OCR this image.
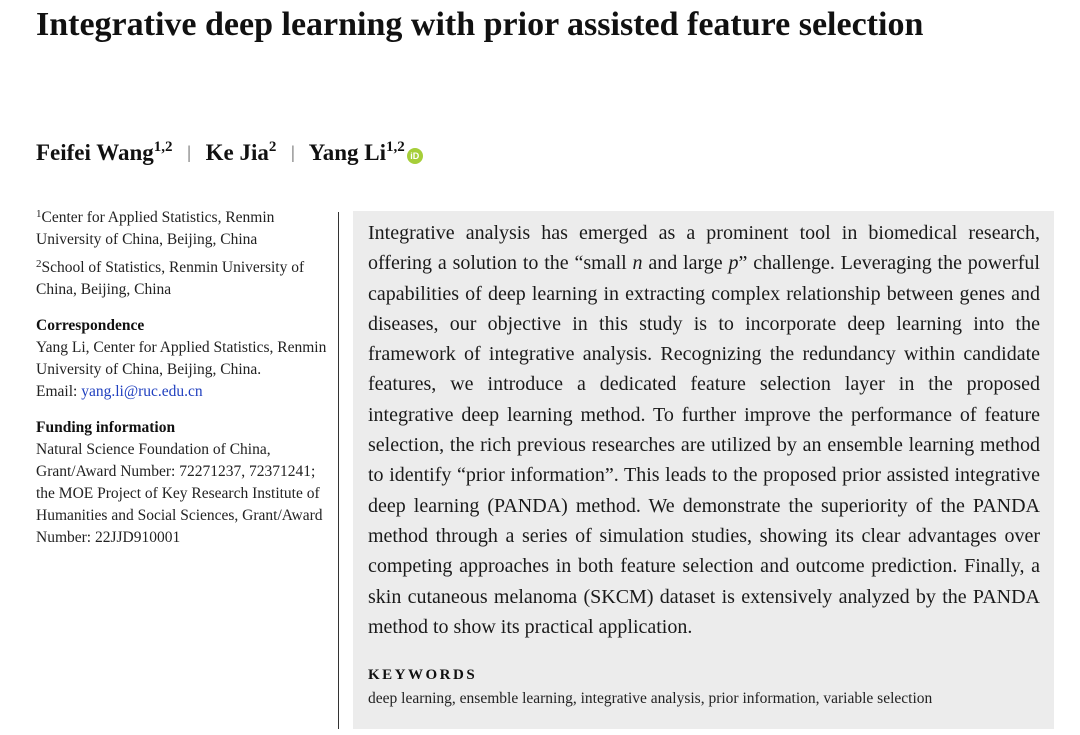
Integrative deep learning with prior assisted feature selection
Feifei Wang$^{1,2}$ | Ke Jia$^2$ | Yang Li$^{1,2}$iD
$^1$Center for Applied Statistics, Renmin University of China, Beijing, China
$^2$School of Statistics, Renmin University of China, Beijing, China
Correspondence
Yang Li, Center for Applied Statistics, Renmin University of China, Beijing, China.
Email: yang.li@ruc.edu.cn
Funding information
Natural Science Foundation of China, Grant/Award Number: 72271237, 72371241; the MOE Project of Key Research Institute of Humanities and Social Sciences, Grant/Award Number: 22JJD910001

Integrative analysis has emerged as a prominent tool in biomedical research, offering a solution to the “small n and large p” challenge. Leveraging the powerful capabilities of deep learning in extracting complex relationship between genes and diseases, our objective in this study is to incorporate deep learning into the framework of integrative analysis. Recognizing the redundancy within candidate features, we introduce a dedicated feature selection layer in the proposed integrative deep learning method. To further improve the performance of feature selection, the rich previous researches are utilized by an ensemble learning method to identify “prior information”. This leads to the proposed prior assisted integrative deep learning (PANDA) method. We demonstrate the superiority of the PANDA method through a series of simulation studies, showing its clear advantages over competing approaches in both feature selection and outcome prediction. Finally, a skin cutaneous melanoma (SKCM) dataset is extensively analyzed by the PANDA method to show its practical application.

KEYWORDS
deep learning, ensemble learning, integrative analysis, prior information, variable selection
